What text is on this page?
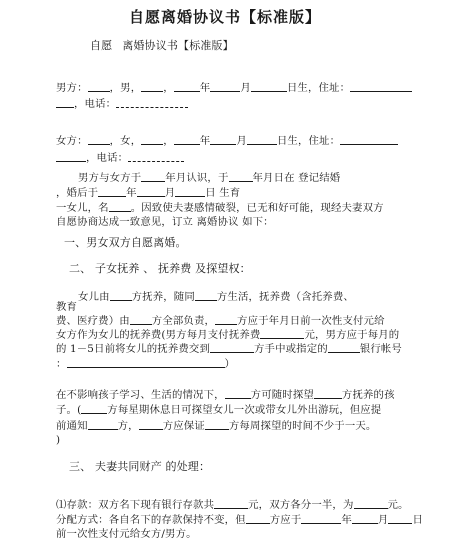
自愿离婚协议书【标准版】
自愿 离婚协议书【标准版】
男方： ，男， ，	年	月	日生，住址：
，电话：
女方： ，女， ，	年	月	日生，住址：
，电话：
男方与女方于 年月认识，于 年月日在 登记结婚
，婚后于	年	月	日 生育
一女儿，名 。因致使夫妻感情破裂，已无和好可能，现经夫妻双方
自愿协商达成一致意见，订立 离婚协议 如下：
一、男女双方自愿离婚。
二、 子女抚养 、 抚养费 及探望权：
女儿由 方抚养，随同 方生活，抚养费（含托养费、
教育
费、医疗费）由 方全部负责， 方应于年月日前一次性支付元给
女方作为女儿的抚养费(男方每月支付抚养费	元，男方应于每月的
的 1－5日前将女儿的抚养费交到	方手中或指定的	银行帐号
：	）
在不影响孩子学习、生活的情况下，	方可随时探望	方抚养的孩
子。(	方每星期休息日可探望女儿一次或带女儿外出游玩，但应提
前通知	方， 方应保证 方每周探望的时间不少于一天。
)
三、 夫妻共同财产 的处理：
⑴存款：双方名下现有银行存款共	元，双方各分一半，为	元。
分配方式：各自名下的存款保持不变，但 方应于	年	月 日
前一次性支付元给女方/男方。
